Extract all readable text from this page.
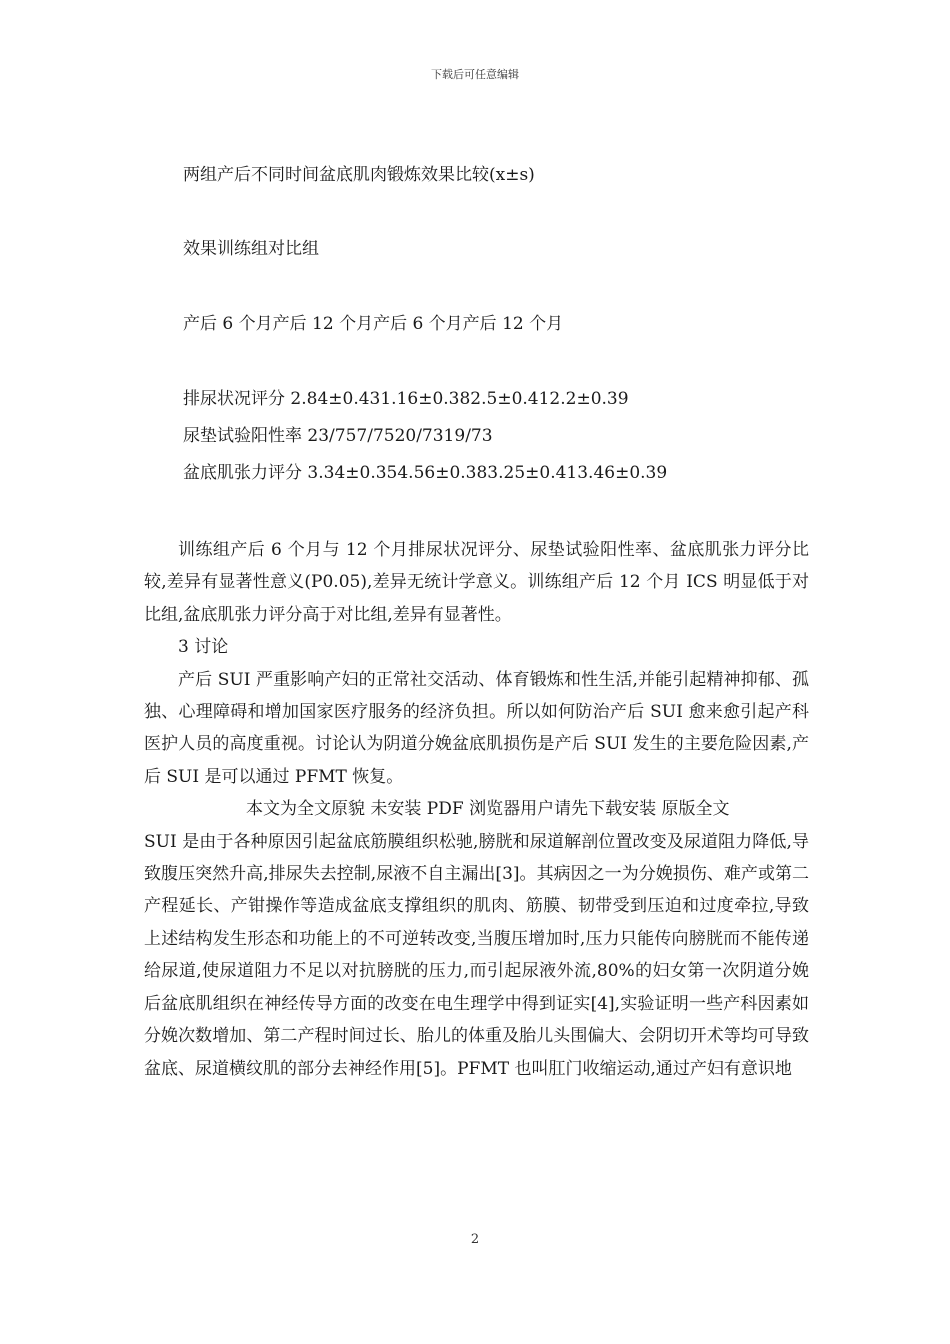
下载后可任意编辑
两组产后不同时间盆底肌肉锻炼效果比较(x±s)
效果训练组对比组
产后 6 个月产后 12 个月产后 6 个月产后 12 个月
排尿状况评分 2.84±0.431.16±0.382.5±0.412.2±0.39
尿垫试验阳性率 23/757/7520/7319/73
盆底肌张力评分 3.34±0.354.56±0.383.25±0.413.46±0.39

训练组产后 6 个月与 12 个月排尿状况评分、尿垫试验阳性率、盆底肌张力评分比较,差异有显著性意义(P0.05),差异无统计学意义。训练组产后 12 个月 ICS 明显低于对比组,盆底肌张力评分高于对比组,差异有显著性。

3 讨论

产后 SUI 严重影响产妇的正常社交活动、体育锻炼和性生活,并能引起精神抑郁、孤独、心理障碍和增加国家医疗服务的经济负担。所以如何防治产后 SUI 愈来愈引起产科医护人员的高度重视。讨论认为阴道分娩盆底肌损伤是产后 SUI 发生的主要危险因素,产后 SUI 是可以通过 PFMT 恢复。

本文为全文原貌 未安装 PDF 浏览器用户请先下载安装 原版全文

SUI 是由于各种原因引起盆底筋膜组织松驰,膀胱和尿道解剖位置改变及尿道阻力降低,导致腹压突然升高,排尿失去控制,尿液不自主漏出[3]。其病因之一为分娩损伤、难产或第二产程延长、产钳操作等造成盆底支撑组织的肌肉、筋膜、韧带受到压迫和过度牵拉,导致上述结构发生形态和功能上的不可逆转改变,当腹压增加时,压力只能传向膀胱而不能传递给尿道,使尿道阻力不足以对抗膀胱的压力,而引起尿液外流,80%的妇女第一次阴道分娩后盆底肌组织在神经传导方面的改变在电生理学中得到证实[4],实验证明一些产科因素如分娩次数增加、第二产程时间过长、胎儿的体重及胎儿头围偏大、会阴切开术等均可导致盆底、尿道横纹肌的部分去神经作用[5]。PFMT 也叫肛门收缩运动,通过产妇有意识地

2
